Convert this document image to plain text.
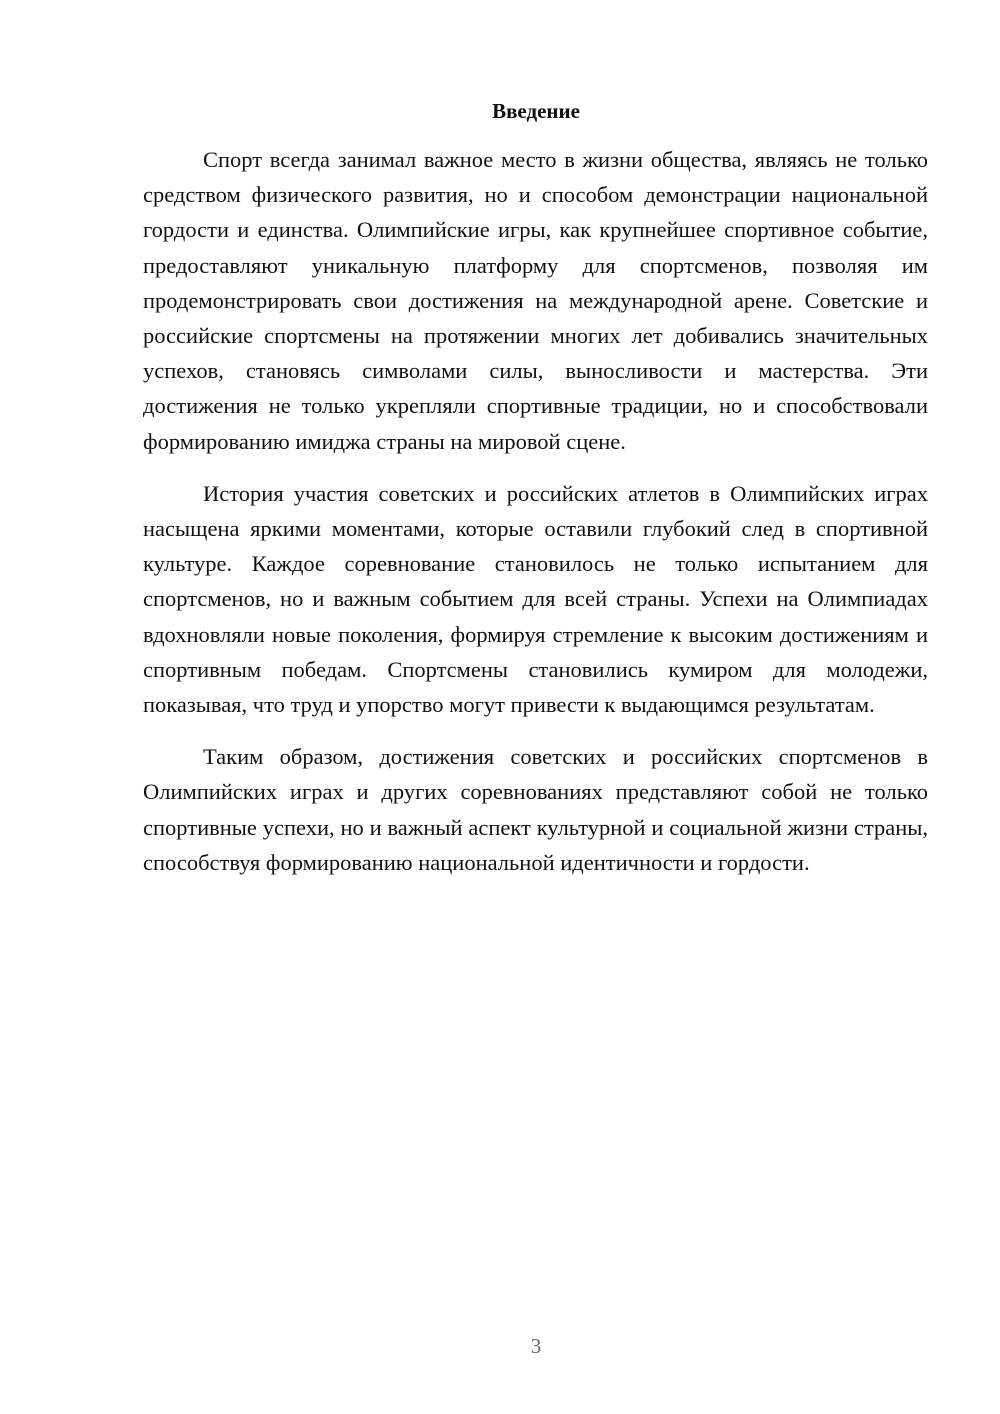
Введение

Спорт всегда занимал важное место в жизни общества, являясь не только средством физического развития, но и способом демонстрации национальной гордости и единства. Олимпийские игры, как крупнейшее спортивное событие, предоставляют уникальную платформу для спортсменов, позволяя им продемонстрировать свои достижения на международной арене. Советские и российские спортсмены на протяжении многих лет добивались значительных успехов, становясь символами силы, выносливости и мастерства. Эти достижения не только укрепляли спортивные традиции, но и способствовали формированию имиджа страны на мировой сцене.

История участия советских и российских атлетов в Олимпийских играх насыщена яркими моментами, которые оставили глубокий след в спортивной культуре. Каждое соревнование становилось не только испытанием для спортсменов, но и важным событием для всей страны. Успехи на Олимпиадах вдохновляли новые поколения, формируя стремление к высоким достижениям и спортивным победам. Спортсмены становились кумиром для молодежи, показывая, что труд и упорство могут привести к выдающимся результатам.

Таким образом, достижения советских и российских спортсменов в Олимпийских играх и других соревнованиях представляют собой не только спортивные успехи, но и важный аспект культурной и социальной жизни страны, способствуя формированию национальной идентичности и гордости.

3
